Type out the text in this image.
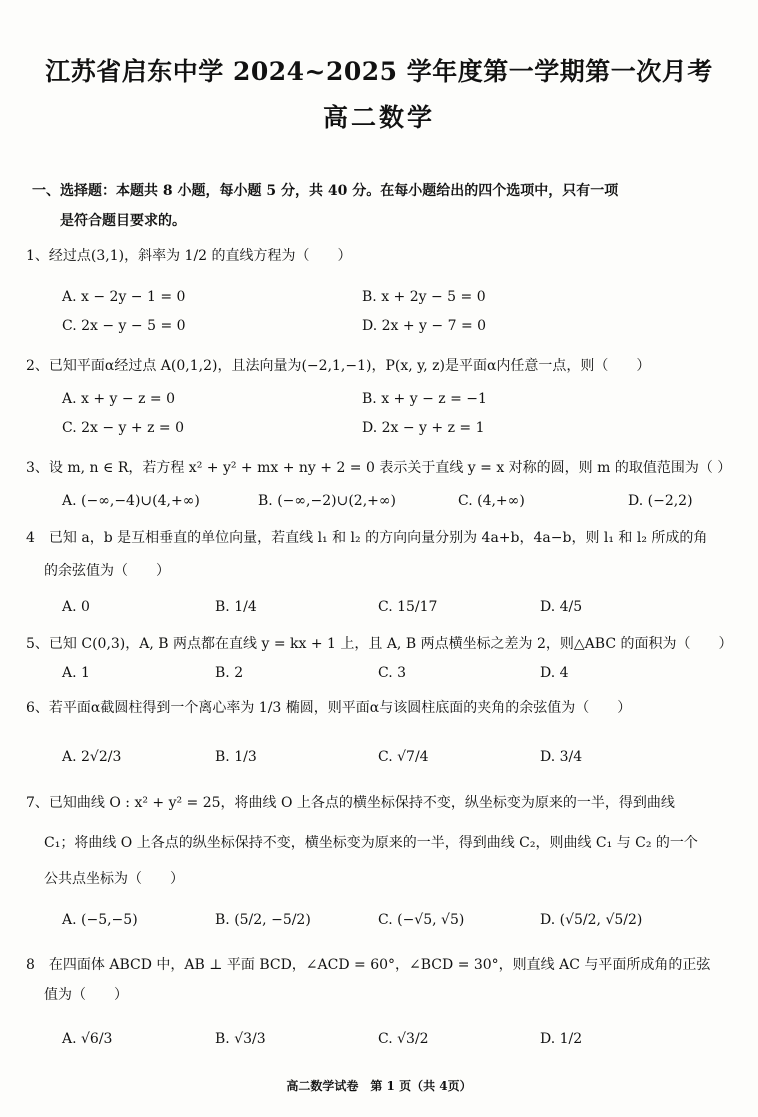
江苏省启东中学 2024~2025 学年度第一学期第一次月考
高二数学
一、选择题：本题共 8 小题，每小题 5 分，共 40 分。在每小题给出的四个选项中，只有一项
是符合题目要求的。
1、经过点(3,1)，斜率为 1/2 的直线方程为（　　）
A. x − 2y − 1 = 0	B. x + 2y − 5 = 0
C. 2x − y − 5 = 0	D. 2x + y − 7 = 0
2、已知平面α经过点 A(0,1,2)，且法向量为(−2,1,−1)，P(x, y, z)是平面α内任意一点，则（　　）
A. x + y − z = 0	B. x + y − z = −1
C. 2x − y + z = 0	D. 2x − y + z = 1
3、设 m, n ∈ R，若方程 x² + y² + mx + ny + 2 = 0 表示关于直线 y = x 对称的圆，则 m 的取值范围为（ ）
A. (−∞,−4)∪(4,+∞)	B. (−∞,−2)∪(2,+∞)	C. (4,+∞)	D. (−2,2)
4　已知 a，b 是互相垂直的单位向量，若直线 l₁ 和 l₂ 的方向向量分别为 4a+b，4a−b，则 l₁ 和 l₂ 所成的角
的余弦值为（　　）
A. 0	B. 1/4	C. 15/17	D. 4/5
5、已知 C(0,3)，A, B 两点都在直线 y = kx + 1 上，且 A, B 两点横坐标之差为 2，则△ABC 的面积为（　　）
A. 1	B. 2	C. 3	D. 4
6、若平面α截圆柱得到一个离心率为 1/3 椭圆，则平面α与该圆柱底面的夹角的余弦值为（　　）
A. 2√2/3	B. 1/3	C. √7/4	D. 3/4
7、已知曲线 O : x² + y² = 25，将曲线 O 上各点的横坐标保持不变，纵坐标变为原来的一半，得到曲线
C₁；将曲线 O 上各点的纵坐标保持不变，横坐标变为原来的一半，得到曲线 C₂，则曲线 C₁ 与 C₂ 的一个
公共点坐标为（　　）
A. (−5,−5)	B. (5/2, −5/2)	C. (−√5, √5)	D. (√5/2, √5/2)
8　在四面体 ABCD 中，AB ⊥ 平面 BCD，∠ACD = 60°，∠BCD = 30°，则直线 AC 与平面所成角的正弦
值为（　　）
A. √6/3	B. √3/3	C. √3/2	D. 1/2
高二数学试卷　第 1 页（共 4页）
